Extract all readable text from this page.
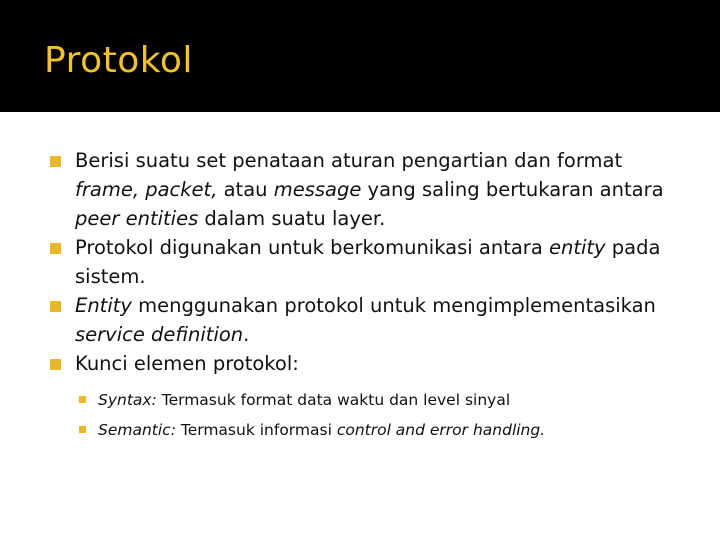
Protokol
Berisi suatu set penataan aturan pengartian dan format frame, packet, atau message yang saling bertukaran antara peer entities dalam suatu layer.
Protokol digunakan untuk berkomunikasi antara entity pada sistem.
Entity menggunakan protokol untuk mengimplementasikan service definition.
Kunci elemen protokol:
Syntax: Termasuk format data waktu dan level sinyal
Semantic: Termasuk informasi control and error handling.
